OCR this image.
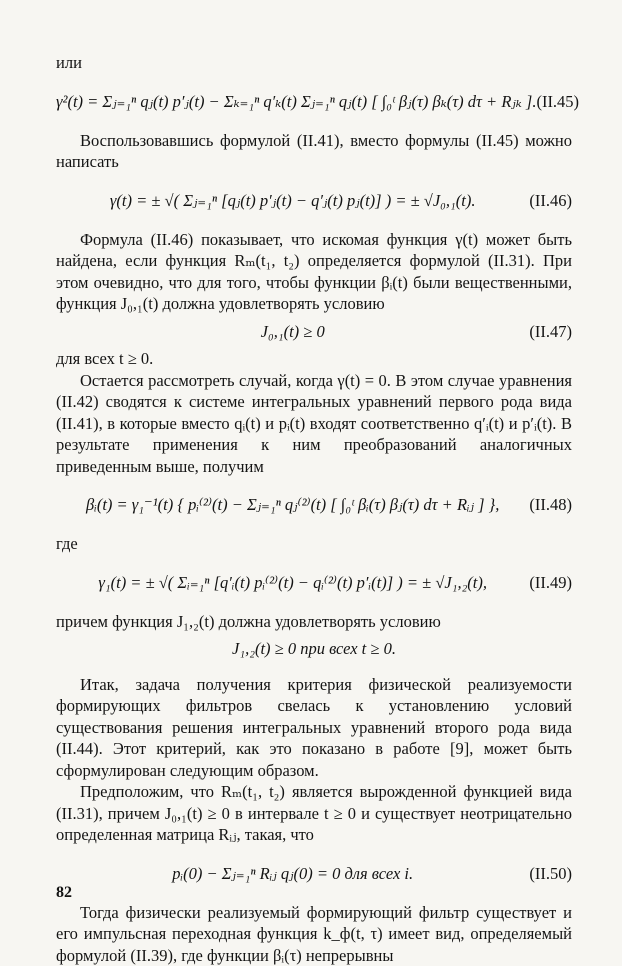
или

γ²(t) = Σⱼ₌₁ⁿ qⱼ(t) p′ⱼ(t) − Σₖ₌₁ⁿ q′ₖ(t) Σⱼ₌₁ⁿ qⱼ(t) [ ∫₀ᵗ βⱼ(τ) βₖ(τ) dτ + Rⱼₖ ]. (II.45)

Воспользовавшись формулой (II.41), вместо формулы (II.45) можно написать

γ(t) = ± √( Σⱼ₌₁ⁿ [qⱼ(t) p′ⱼ(t) − q′ⱼ(t) pⱼ(t)] ) = ± √J₀,₁(t).	(II.46)

Формула (II.46) показывает, что искомая функция γ(t) может быть найдена, если функция Rₘ(t₁, t₂) определяется формулой (II.31). При этом очевидно, что для того, чтобы функции βᵢ(t) были вещественными, функция J₀,₁(t) должна удовлетворять условию

J₀,₁(t) ≥ 0	(II.47)

для всех t ≥ 0.

Остается рассмотреть случай, когда γ(t) = 0. В этом случае уравнения (II.42) сводятся к системе интегральных уравнений первого рода вида (II.41), в которые вместо qᵢ(t) и pᵢ(t) входят соответственно q′ᵢ(t) и p′ᵢ(t). В результате применения к ним преобразований аналогичных приведенным выше, получим

βᵢ(t) = γ₁⁻¹(t) { pᵢ⁽²⁾(t) − Σⱼ₌₁ⁿ qⱼ⁽²⁾(t) [ ∫₀ᵗ βᵢ(τ) βⱼ(τ) dτ + Rᵢⱼ ] },	(II.48)

где

γ₁(t) = ± √( Σᵢ₌₁ⁿ [q′ᵢ(t) pᵢ⁽²⁾(t) − qᵢ⁽²⁾(t) p′ᵢ(t)] ) = ± √J₁,₂(t),	(II.49)

причем функция J₁,₂(t) должна удовлетворять условию

J₁,₂(t) ≥ 0 при всех t ≥ 0.

Итак, задача получения критерия физической реализуемости формирующих фильтров свелась к установлению условий существования решения интегральных уравнений второго рода вида (II.44). Этот критерий, как это показано в работе [9], может быть сформулирован следующим образом.

Предположим, что Rₘ(t₁, t₂) является вырожденной функцией вида (II.31), причем J₀,₁(t) ≥ 0 в интервале t ≥ 0 и существует неотрицательно определенная матрица Rᵢⱼ, такая, что

pᵢ(0) − Σⱼ₌₁ⁿ Rᵢⱼ qⱼ(0) = 0 для всех i.	(II.50)

Тогда физически реализуемый формирующий фильтр существует и его импульсная переходная функция k_ф(t, τ) имеет вид, определяемый формулой (II.39), где функции βᵢ(τ) непрерывны

82
